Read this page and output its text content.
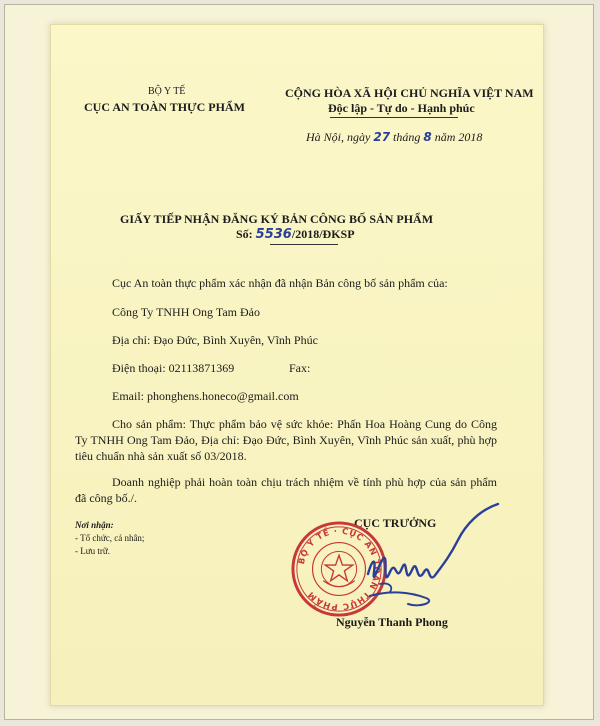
BỘ Y TẾ
CỤC AN TOÀN THỰC PHẨM
CỘNG HÒA XÃ HỘI CHỦ NGHĨA VIỆT NAM
Độc lập - Tự do - Hạnh phúc
Hà Nội, ngày 27 tháng 8 năm 2018
GIẤY TIẾP NHẬN ĐĂNG KÝ BẢN CÔNG BỐ SẢN PHẨM
Số: 5536/2018/ĐKSP
Cục An toàn thực phẩm xác nhận đã nhận Bản công bố sản phẩm của:
Công Ty TNHH Ong Tam Đảo
Địa chỉ: Đạo Đức, Bình Xuyên, Vĩnh Phúc
Điện thoại: 02113871369	Fax:
Email: phonghens.honeco@gmail.com
Cho sản phẩm: Thực phẩm bảo vệ sức khỏe: Phấn Hoa Hoàng Cung do Công Ty TNHH Ong Tam Đảo, Địa chỉ: Đạo Đức, Bình Xuyên, Vĩnh Phúc sản xuất, phù hợp tiêu chuẩn nhà sản xuất số 03/2018.
Doanh nghiệp phải hoàn toàn chịu trách nhiệm về tính phù hợp của sản phẩm đã công bố./.
Nơi nhận:
- Tổ chức, cá nhân;
- Lưu trữ.
CỤC TRƯỞNG
BỘ Y TẾ · CỤC AN TOÀN THỰC PHẨM
Nguyễn Thanh Phong
